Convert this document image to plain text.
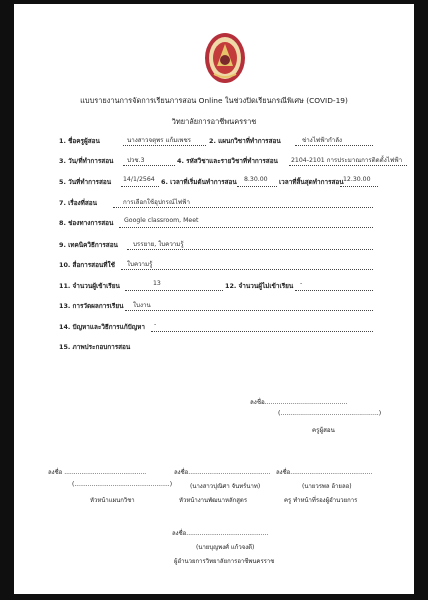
แบบรายงานการจัดการเรียนการสอน Online ในช่วงปิดเรียนกรณีพิเศษ (COVID-19)
วิทยาลัยการอาชีพนครราช
1. ชื่อครูผู้สอน	นางสาวจตุพร แก้มเพชร	2. แผนกวิชาที่ทำการสอน	ช่างไฟฟ้ากำลัง
3. วัน/ที่ทำการสอน ปวช.3	4. รหัสวิชาและรายวิชาที่ทำการสอน 2104-2101 การประมาณการติดตั้งไฟฟ้า
5. วันที่ทำการสอน 14/1/2564 6. เวลาที่เริ่มต้นทำการสอน 8.30.00 เวลาที่สิ้นสุดทำการสอน 12.30.00
7. เรื่องที่สอน	การเลือกใช้อุปกรณ์ไฟฟ้า
8. ช่องทางการสอน Google classroom, Meet
9. เทคนิควิธีการสอน บรรยาย, ใบความรู้
10. สื่อการสอนที่ใช้ ใบความรู้
11. จำนวนผู้เข้าเรียน	13	12. จำนวนผู้ไม่เข้าเรียน -
13. การวัดผลการเรียน ใบงาน
14. ปัญหาและวิธีการแก้ปัญหา -
15. ภาพประกอบการสอน
ลงชื่อ..........................................
(..................................................)
ครูผู้สอน
ลงชื่อ ...........................................
(..................................................)
หัวหน้าแผนกวิชา
ลงชื่อ...........................................
(นางสาวปุณิศา จันทร์นาท)
หัวหน้างานพัฒนาหลักสูตร
ลงชื่อ...........................................
(นายวรพล อ้ายลอ)
ครู ทำหน้าที่รองผู้อำนวยการ
ลงชื่อ...........................................
(นายบุญพงศ์ แก้วจงดี)
ผู้อำนวยการวิทยาลัยการอาชีพนครราช
